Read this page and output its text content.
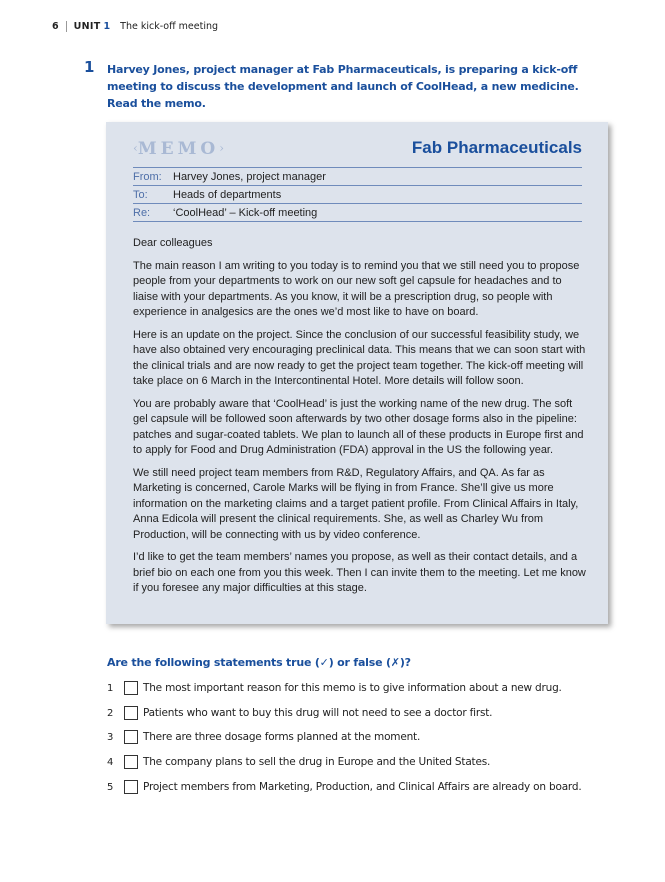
6 UNIT 1 The kick-off meeting
1 Harvey Jones, project manager at Fab Pharmaceuticals, is preparing a kick-off meeting to discuss the development and launch of CoolHead, a new medicine. Read the memo.
‹MEMO›	Fab Pharmaceuticals
From:	Harvey Jones, project manager
To:	Heads of departments
Re:	‘CoolHead’ – Kick-off meeting

Dear colleagues

The main reason I am writing to you today is to remind you that we still need you to propose people from your departments to work on our new soft gel capsule for headaches and to liaise with your departments. As you know, it will be a prescription drug, so people with experience in analgesics are the ones we’d most like to have on board.

Here is an update on the project. Since the conclusion of our successful feasibility study, we have also obtained very encouraging preclinical data. This means that we can soon start with the clinical trials and are now ready to get the project team together. The kick-off meeting will take place on 6 March in the Intercontinental Hotel. More details will follow soon.

You are probably aware that ‘CoolHead’ is just the working name of the new drug. The soft gel capsule will be followed soon afterwards by two other dosage forms also in the pipeline: patches and sugar-coated tablets. We plan to launch all of these products in Europe first and to apply for Food and Drug Administration (FDA) approval in the US the following year.

We still need project team members from R&D, Regulatory Affairs, and QA. As far as Marketing is concerned, Carole Marks will be flying in from France. She’ll give us more information on the marketing claims and a target patient profile. From Clinical Affairs in Italy, Anna Edicola will present the clinical requirements. She, as well as Charley Wu from Production, will be connecting with us by video conference.

I’d like to get the team members’ names you propose, as well as their contact details, and a brief bio on each one from you this week. Then I can invite them to the meeting. Let me know if you foresee any major difficulties at this stage.

Are the following statements true (✓) or false (✗)?
1	The most important reason for this memo is to give information about a new drug.
2	Patients who want to buy this drug will not need to see a doctor first.
3	There are three dosage forms planned at the moment.
4	The company plans to sell the drug in Europe and the United States.
5	Project members from Marketing, Production, and Clinical Affairs are already on board.
